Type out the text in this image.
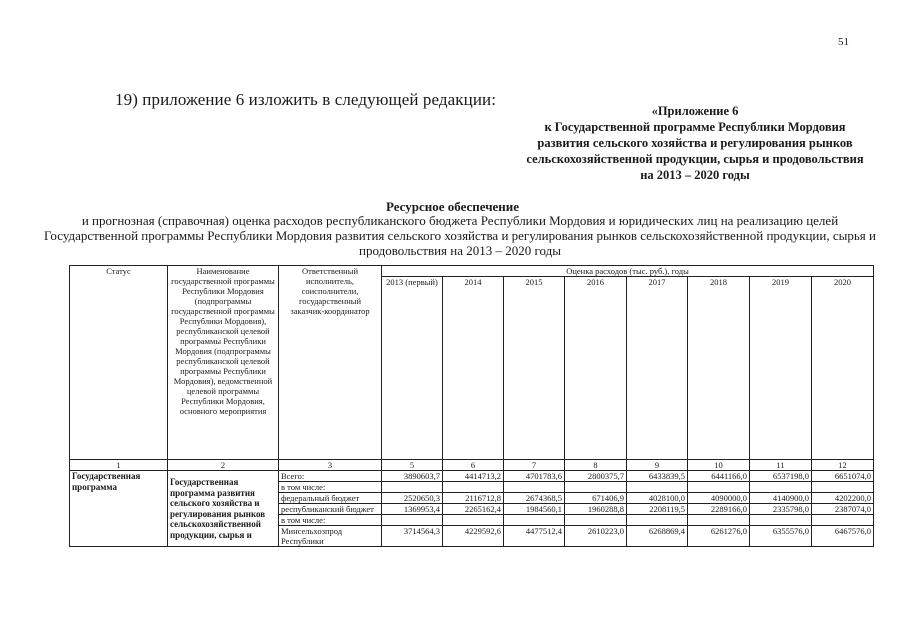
51
19) приложение 6 изложить в следующей редакции:
«Приложение 6
к Государственной программе Республики Мордовия
развития сельского хозяйства и регулирования рынков
сельскохозяйственной продукции, сырья и продовольствия
на 2013 – 2020 годы
Ресурсное обеспечение
и прогнозная (справочная) оценка расходов республиканского бюджета Республики Мордовия и юридических лиц на реализацию целей Государственной программы Республики Мордовия развития сельского хозяйства и регулирования рынков сельскохозяйственной продукции, сырья и продовольствия на 2013 – 2020 годы
Статус	Наименование государственной программы Республики Мордовия (подпрограммы государственной программы Республики Мордовия), республиканской целевой программы Республики Мордовия (подпрограммы республиканской целевой программы Республики Мордовия), ведомственной целевой программы Республики Мордовия, основного мероприятия	Ответственный исполнитель, соисполнители, государственный заказчик-координатор	Оценка расходов (тыс. руб.), годы							
			2013 (первый)	2014	2015	2016	2017	2018	2019	2020
1	2	3	5	6	7	8	9	10	11	12
Государственная программа	Государственная программа развития сельского хозяйства и регулирования рынков сельскохозяйственной продукции, сырья и	Всего:	3890603,7	4414713,2	4701783,6	2800375,7	6433839,5	6441166,0	6537198,0	6651074,0
		в том числе:								
		федеральный бюджет	2520650,3	2116712,8	2674368,5	671406,9	4028100,0	4090000,0	4140900,0	4202200,0
		республиканский бюджет	1369953,4	2265162,4	1984560,1	1960288,8	2208119,5	2289166,0	2335798,0	2387074,0
		в том числе:								
		Минсельхозпрод Республики	3714564,3	4229592,6	4477512,4	2610223,0	6268869,4	6261276,0	6355576,0	6467576,0
